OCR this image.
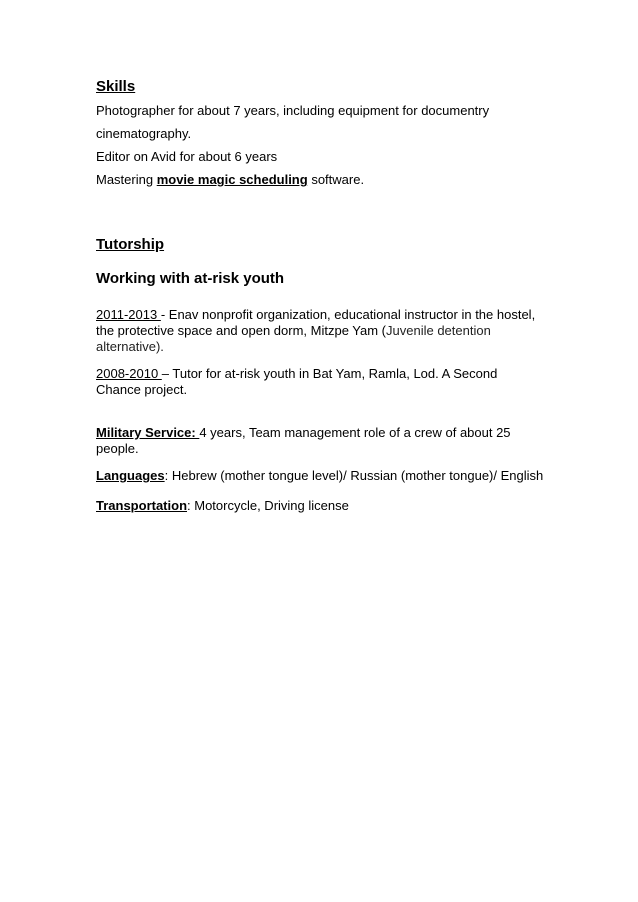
Skills
Photographer for about 7 years, including equipment for documentry
cinematography.
Editor on Avid for about 6 years
Mastering movie magic scheduling software.
Tutorship
Working with at-risk youth
2011-2013 - Enav nonprofit organization, educational instructor in the hostel,
the protective space and open dorm, Mitzpe Yam (Juvenile detention
alternative).
2008-2010 – Tutor for at-risk youth in Bat Yam, Ramla, Lod. A Second
Chance project.
Military Service: 4 years, Team management role of a crew of about 25
people.
Languages: Hebrew (mother tongue level)/ Russian (mother tongue)/ English
Transportation: Motorcycle, Driving license
